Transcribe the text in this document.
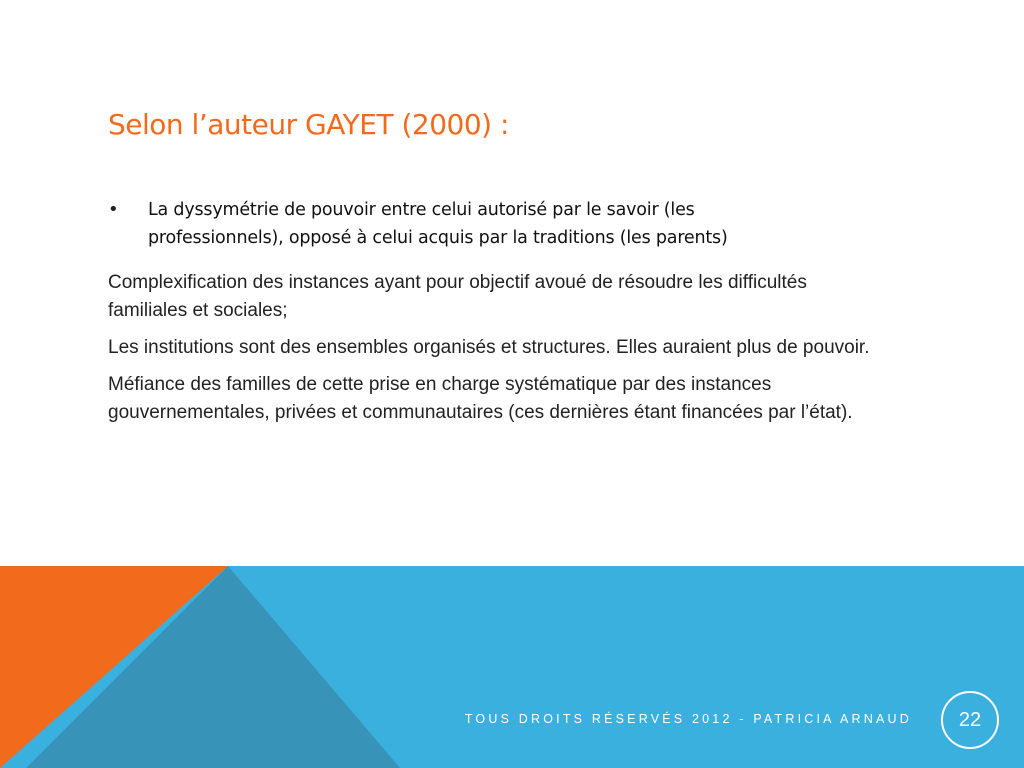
Selon l’auteur GAYET (2000) :
•	La dyssymétrie de pouvoir entre celui autorisé par le savoir (les professionnels), opposé à celui acquis par la traditions (les parents)

Complexification des instances ayant pour objectif avoué de résoudre les difficultés familiales et sociales;

Les institutions sont des ensembles organisés et structures. Elles auraient plus de pouvoir.

Méfiance des familles de cette prise en charge systématique par des instances gouvernementales, privées et communautaires (ces dernières étant financées par l’état).

TOUS DROITS RÉSERVÉS 2012 - PATRICIA ARNAUD 22
